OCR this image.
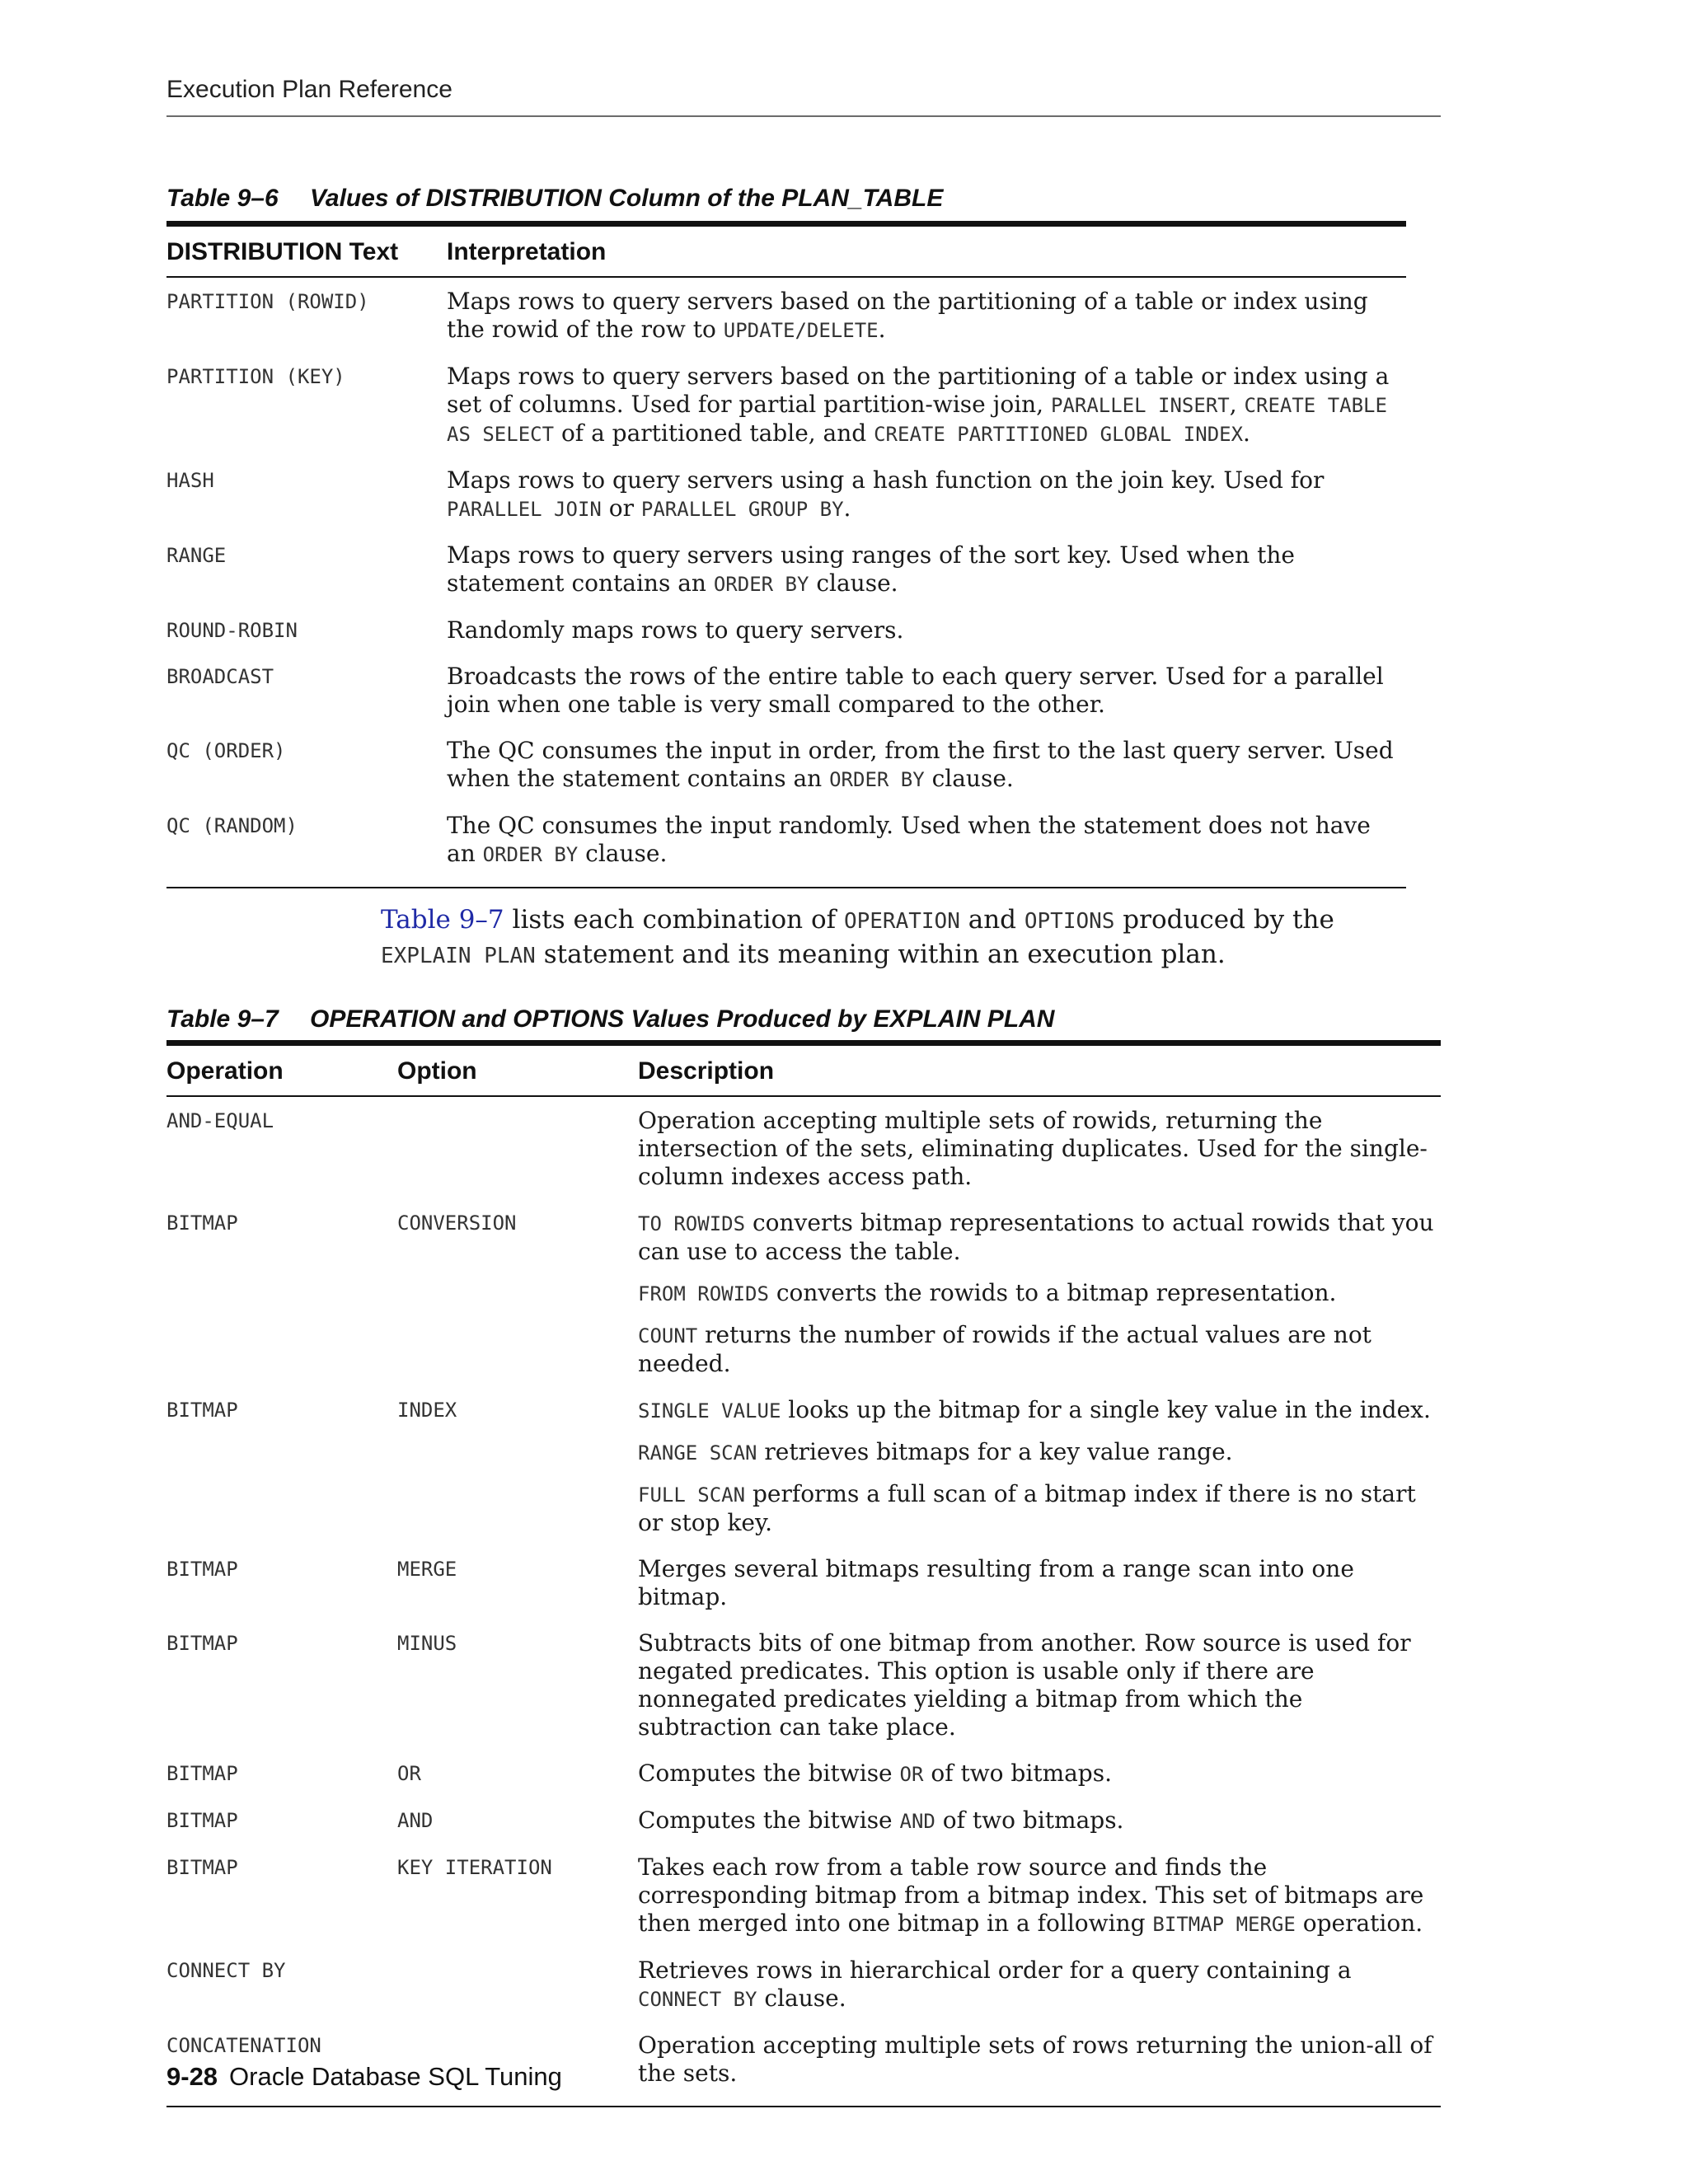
Execution Plan Reference
Table 9–6 Values of DISTRIBUTION Column of the PLAN_TABLE
DISTRIBUTION Text	Interpretation
PARTITION (ROWID)	Maps rows to query servers based on the partitioning of a table or index using the rowid of the row to UPDATE/DELETE.
PARTITION (KEY)	Maps rows to query servers based on the partitioning of a table or index using a set of columns. Used for partial partition-wise join, PARALLEL INSERT, CREATE TABLE AS SELECT of a partitioned table, and CREATE PARTITIONED GLOBAL INDEX.
HASH	Maps rows to query servers using a hash function on the join key. Used for PARALLEL JOIN or PARALLEL GROUP BY.
RANGE	Maps rows to query servers using ranges of the sort key. Used when the statement contains an ORDER BY clause.
ROUND-ROBIN	Randomly maps rows to query servers.
BROADCAST	Broadcasts the rows of the entire table to each query server. Used for a parallel join when one table is very small compared to the other.
QC (ORDER)	The QC consumes the input in order, from the first to the last query server. Used when the statement contains an ORDER BY clause.
QC (RANDOM)	The QC consumes the input randomly. Used when the statement does not have an ORDER BY clause.
Table 9–7 lists each combination of OPERATION and OPTIONS produced by the EXPLAIN PLAN statement and its meaning within an execution plan.
Table 9–7 OPERATION and OPTIONS Values Produced by EXPLAIN PLAN
Operation	Option	Description
AND-EQUAL		Operation accepting multiple sets of rowids, returning the intersection of the sets, eliminating duplicates. Used for the single-column indexes access path.

BITMAP	CONVERSION	TO ROWIDS converts bitmap representations to actual rowids that you can use to access the table.

FROM ROWIDS converts the rowids to a bitmap representation.

COUNT returns the number of rowids if the actual values are not needed.

BITMAP	INDEX	SINGLE VALUE looks up the bitmap for a single key value in the index.

RANGE SCAN retrieves bitmaps for a key value range.

FULL SCAN performs a full scan of a bitmap index if there is no start or stop key.

BITMAP	MERGE	Merges several bitmaps resulting from a range scan into one bitmap.

BITMAP	MINUS	Subtracts bits of one bitmap from another. Row source is used for negated predicates. This option is usable only if there are nonnegated predicates yielding a bitmap from which the subtraction can take place.

BITMAP	OR	Computes the bitwise OR of two bitmaps.

BITMAP	AND	Computes the bitwise AND of two bitmaps.

BITMAP	KEY ITERATION	Takes each row from a table row source and finds the corresponding bitmap from a bitmap index. This set of bitmaps are then merged into one bitmap in a following BITMAP MERGE operation.

CONNECT BY		Retrieves rows in hierarchical order for a query containing a CONNECT BY clause.

CONCATENATION		Operation accepting multiple sets of rows returning the union-all of the sets.

9-28 Oracle Database SQL Tuning
